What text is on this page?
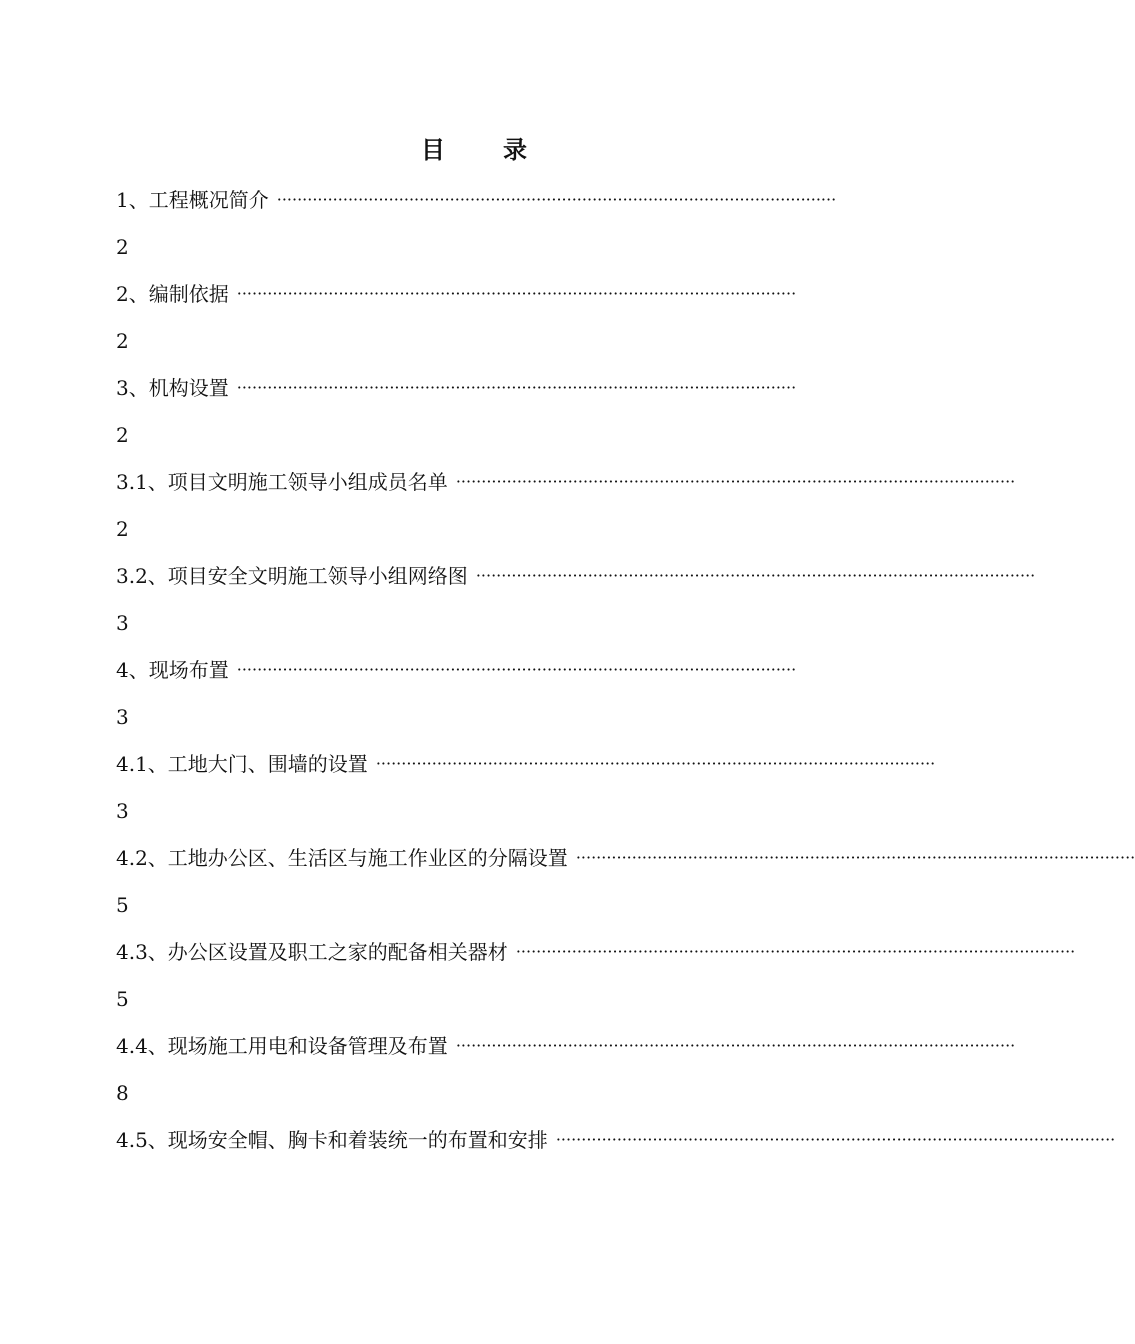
目 录
1、工程概况简介 ··············································································································
2
2、编制依据 ··············································································································
2
3、机构设置 ··············································································································
2
3.1、项目文明施工领导小组成员名单 ··············································································································
2
3.2、项目安全文明施工领导小组网络图 ··············································································································
3
4、现场布置 ··············································································································
3
4.1、工地大门、围墙的设置 ··············································································································
3
4.2、工地办公区、生活区与施工作业区的分隔设置 ··············································································································
5
4.3、办公区设置及职工之家的配备相关器材 ··············································································································
5
4.4、现场施工用电和设备管理及布置 ··············································································································
8
4.5、现场安全帽、胸卡和着装统一的布置和安排 ··············································································································
